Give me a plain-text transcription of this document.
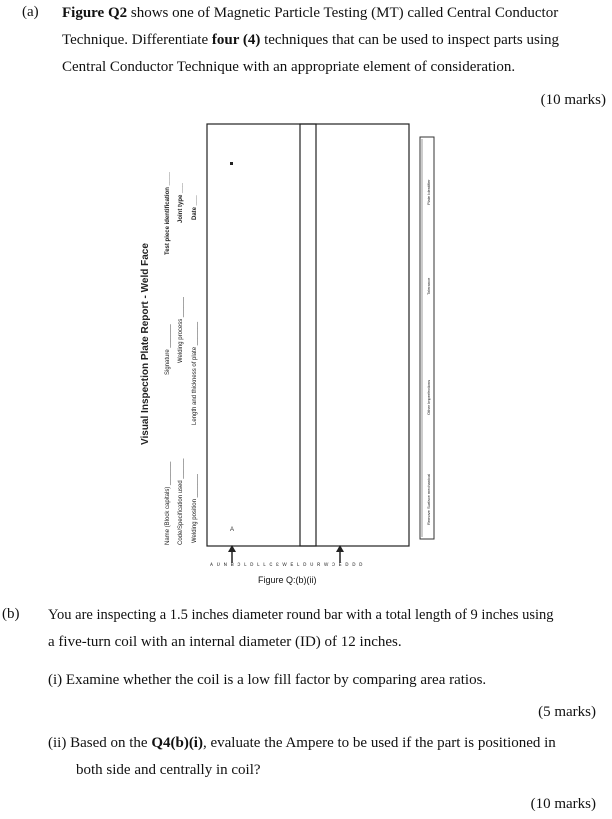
(a) Figure Q2 shows one of Magnetic Particle Testing (MT) called Central Conductor
Technique. Differentiate four (4) techniques that can be used to inspect parts using
Central Conductor Technique with an appropriate element of consideration.
(10 marks)
Visual Inspection Plate Report - Weld Face
Name (Block capitals) _______
Signature _______
Test piece identification ____
Code/Specification used ______
Welding process ______
Joint type ___
Welding position _______
Length and thickness of plate _______
Date ___
A
Remove Surface mechanical
Other Imperfections
Tolerance
Plate Identifier
ᴀ ᴜ ɴ ʙ ɔ ʟ ᴅ ʟ ʟ ᴄ ɛ ᴡ ᴇ ʟ ᴅ ᴜ ʀ ᴡ ɔ ᴇ ᴅ ᴅ ᴅ
Figure Q:(b)(ii)
(b) You are inspecting a 1.5 inches diameter round bar with a total length of 9 inches using
a five-turn coil with an internal diameter (ID) of 12 inches.
(i) Examine whether the coil is a low fill factor by comparing area ratios.
(5 marks)
(ii) Based on the Q4(b)(i), evaluate the Ampere to be used if the part is positioned in
both side and centrally in coil?
(10 marks)
